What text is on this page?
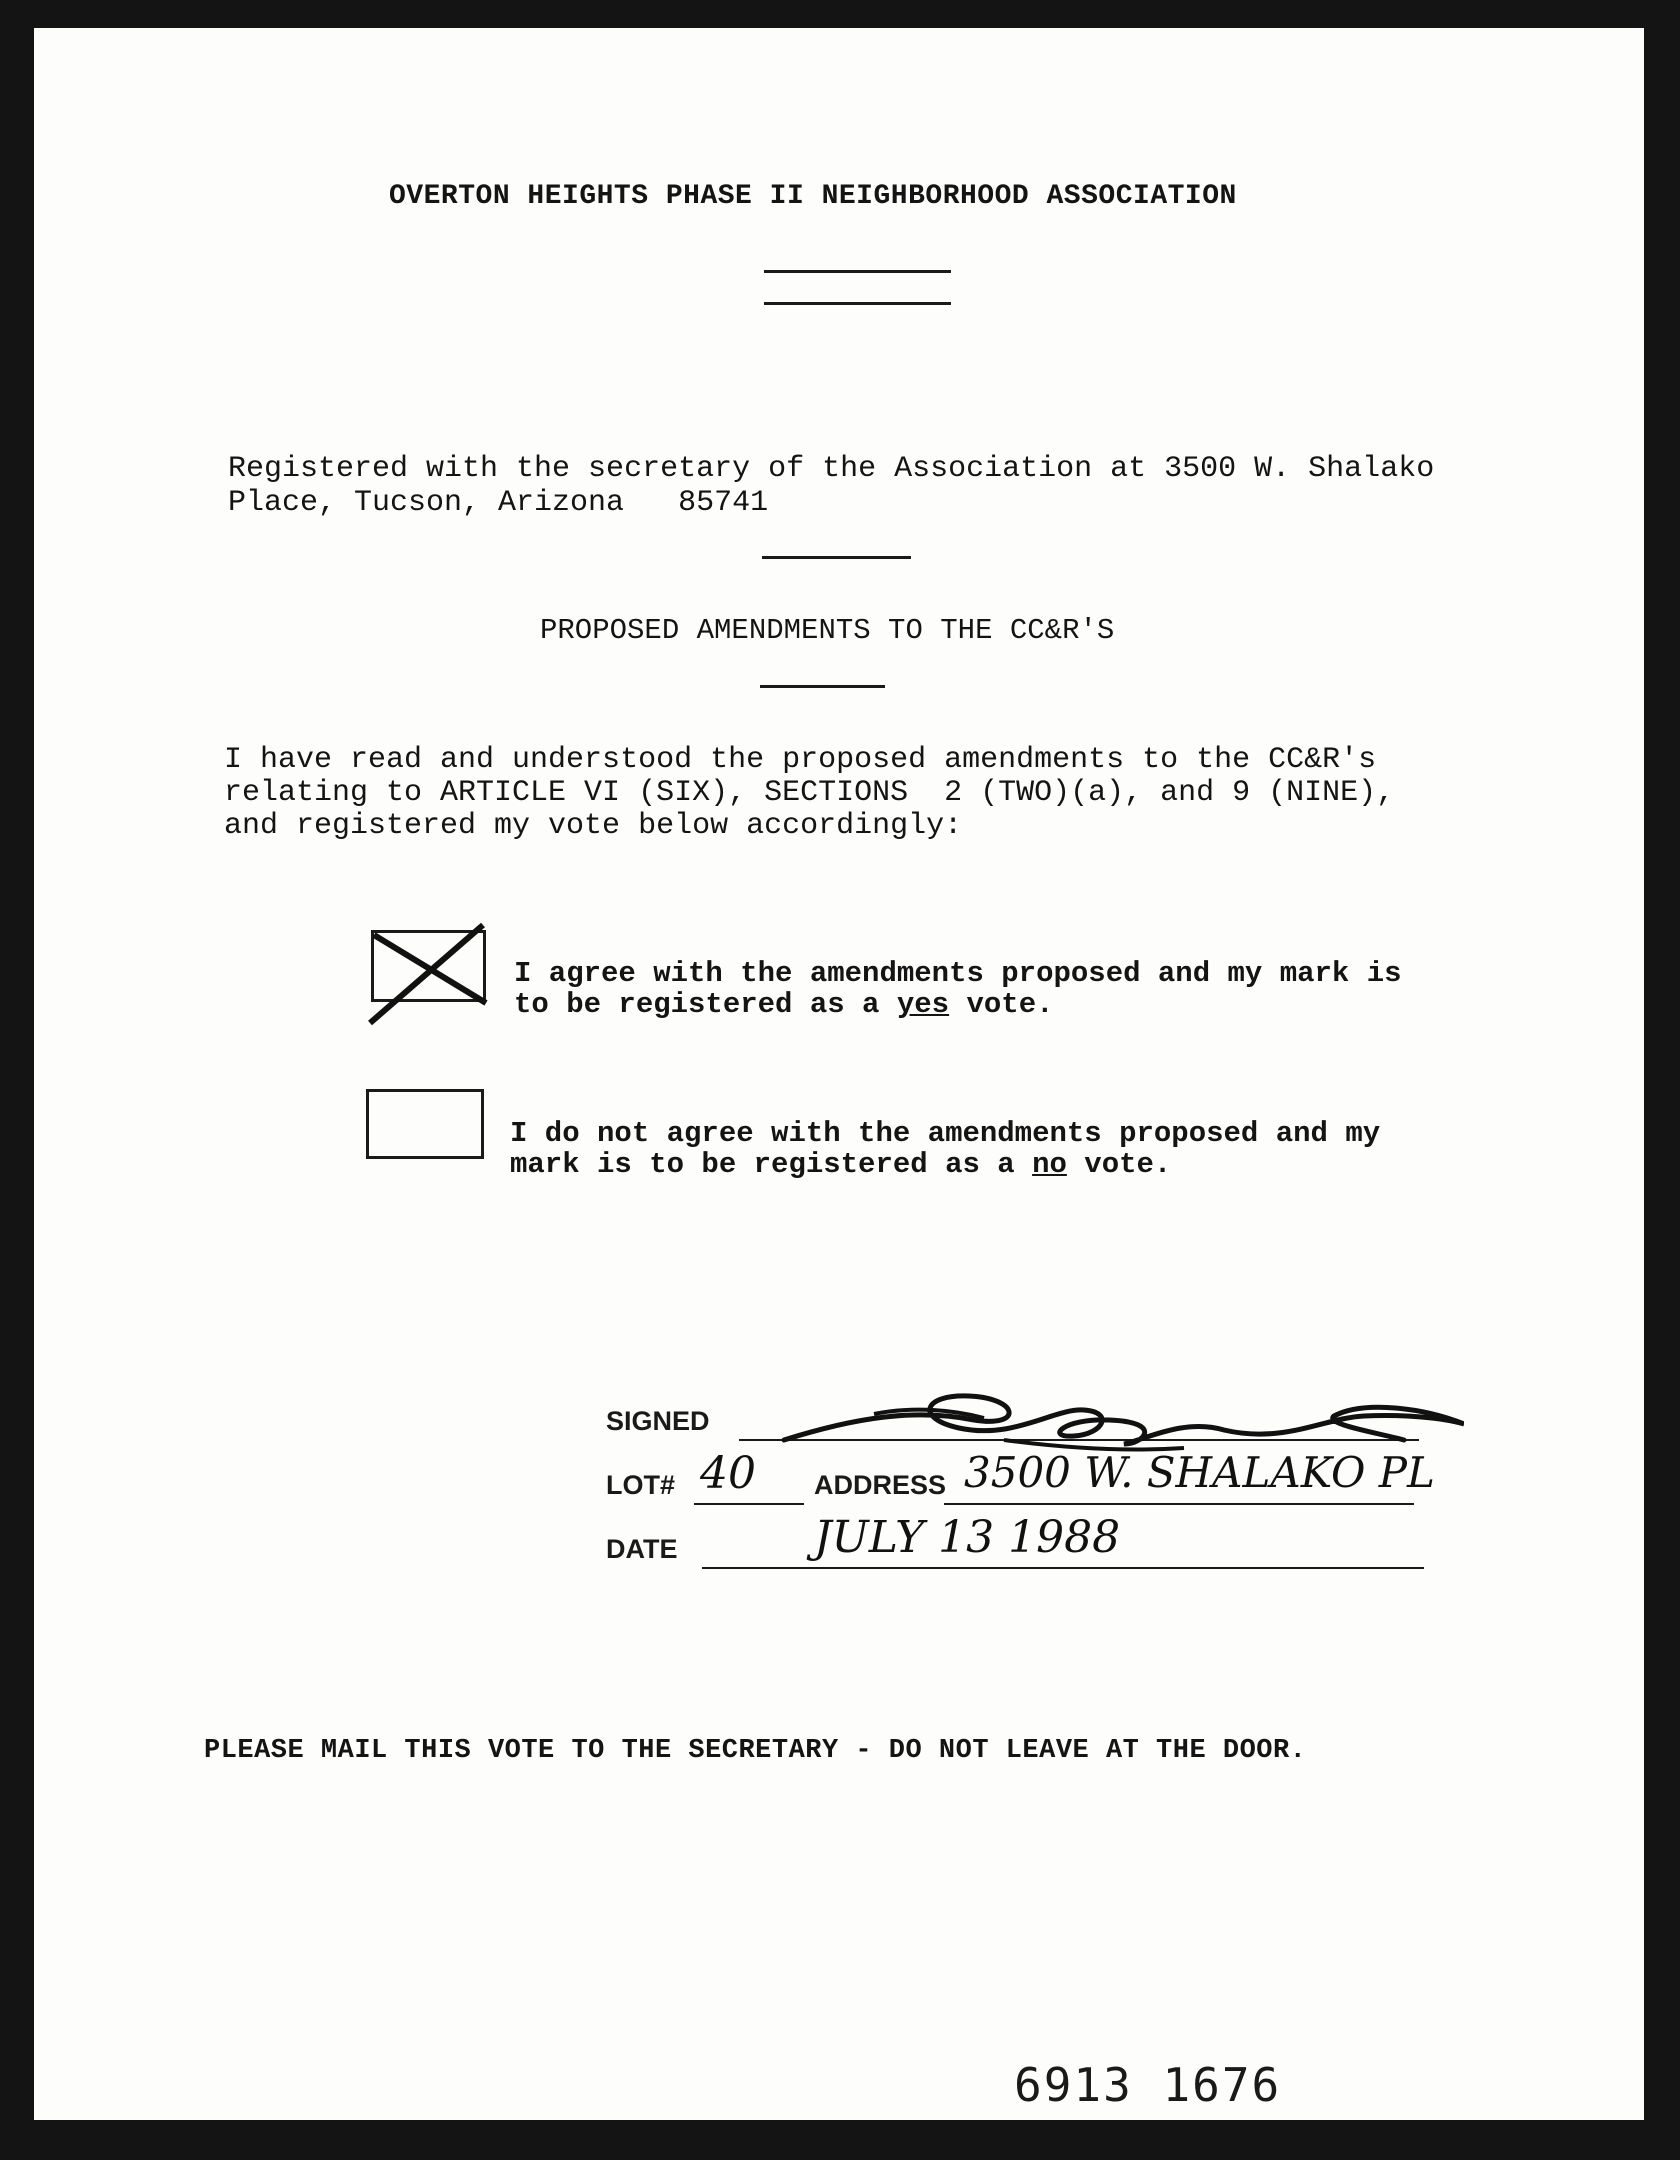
OVERTON HEIGHTS PHASE II NEIGHBORHOOD ASSOCIATION
Registered with the secretary of the Association at 3500 W. Shalako
Place, Tucson, Arizona   85741
PROPOSED AMENDMENTS TO THE CC&R'S
I have read and understood the proposed amendments to the CC&R's
relating to ARTICLE VI (SIX), SECTIONS  2 (TWO)(a), and 9 (NINE),
and registered my vote below accordingly:
I agree with the amendments proposed and my mark is
to be registered as a yes vote.
I do not agree with the amendments proposed and my
mark is to be registered as a no vote.
SIGNED
LOT# 40 ADDRESS 3500 W. SHALAKO PL
DATE	JULY 13 1988
PLEASE MAIL THIS VOTE TO THE SECRETARY - DO NOT LEAVE AT THE DOOR.
6913 1676
